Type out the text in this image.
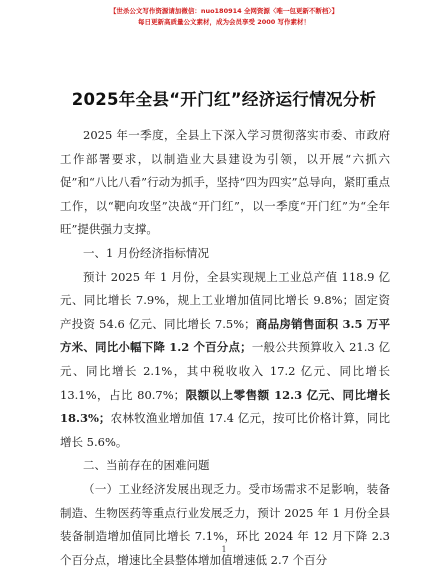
【世杀公文写作资源请加微信：nuo180914 全网资源〈唯一包更新不断档〉】
每日更新高质量公文素材，成为会员享受 2000 写作素材！
2025年全县“开门红”经济运行情况分析

2025 年一季度，全县上下深入学习贯彻落实市委、市政府工作部署要求，以制造业大县建设为引领，以开展“六抓六促”和“八比八看”行动为抓手，坚持“四为四实”总导向，紧盯重点工作，以“靶向攻坚”决战“开门红”，以一季度“开门红”为“全年旺”提供强力支撑。

一、1 月份经济指标情况

预计 2025 年 1 月份，全县实现规上工业总产值 118.9 亿元、同比增长 7.9%，规上工业增加值同比增长 9.8%；固定资产投资 54.6 亿元、同比增长 7.5%；商品房销售面积 3.5 万平方米、同比小幅下降 1.2 个百分点；一般公共预算收入 21.3 亿元、同比增长 2.1%，其中税收收入 17.2 亿元、同比增长 13.1%，占比 80.7%；限额以上零售额 12.3 亿元、同比增长 18.3%；农林牧渔业增加值 17.4 亿元，按可比价格计算，同比增长 5.6%。

二、当前存在的困难问题

（一）工业经济发展出现乏力。受市场需求不足影响，装备制造、生物医药等重点行业发展乏力，预计 2025 年 1 月份全县装备制造增加值同比增长 7.1%，环比 2024 年 12 月下降 2.3 个百分点，增速比全县整体增加值增速低 2.7 个百分

1
